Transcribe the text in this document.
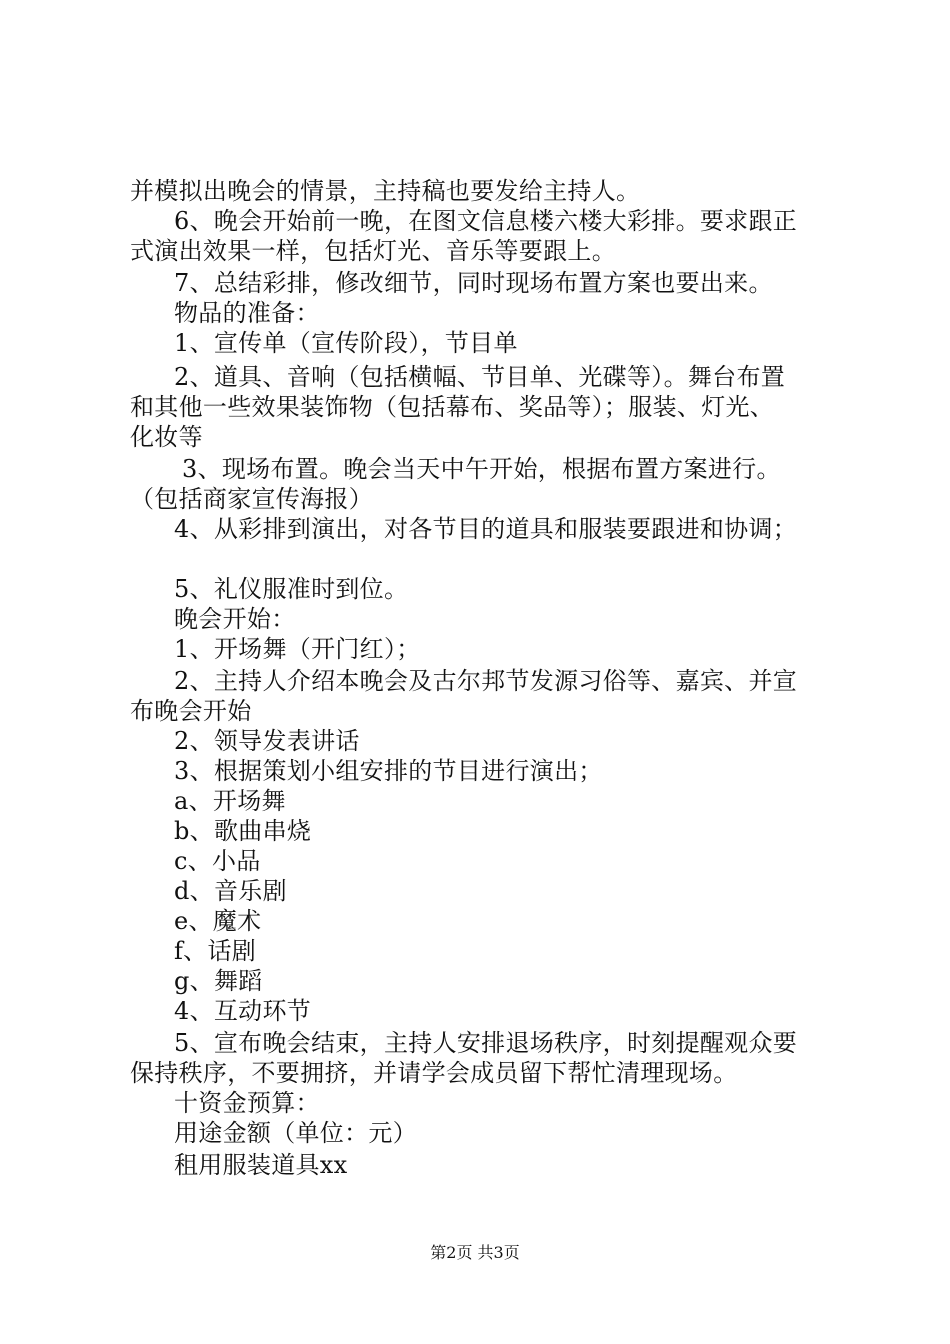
并模拟出晚会的情景，主持稿也要发给主持人。
6、晚会开始前一晚，在图文信息楼六楼大彩排。要求跟正
式演出效果一样，包括灯光、音乐等要跟上。
7、总结彩排，修改细节，同时现场布置方案也要出来。
物品的准备：
1、宣传单（宣传阶段），节目单
2、道具、音响（包括横幅、节目单、光碟等）。舞台布置
和其他一些效果装饰物（包括幕布、奖品等）；服装、灯光、
化妆等
3、现场布置。晚会当天中午开始，根据布置方案进行。
（包括商家宣传海报）
4、从彩排到演出，对各节目的道具和服装要跟进和协调；
5、礼仪服准时到位。
晚会开始：
1、开场舞（开门红）；
2、主持人介绍本晚会及古尔邦节发源习俗等、嘉宾、并宣
布晚会开始
2、领导发表讲话
3、根据策划小组安排的节目进行演出；
a、开场舞
b、歌曲串烧
c、小品
d、音乐剧
e、魔术
f、话剧
g、舞蹈
4、互动环节
5、宣布晚会结束，主持人安排退场秩序，时刻提醒观众要
保持秩序，不要拥挤，并请学会成员留下帮忙清理现场。
十资金预算：
用途金额（单位：元）
租用服装道具xx
第2页 共3页
